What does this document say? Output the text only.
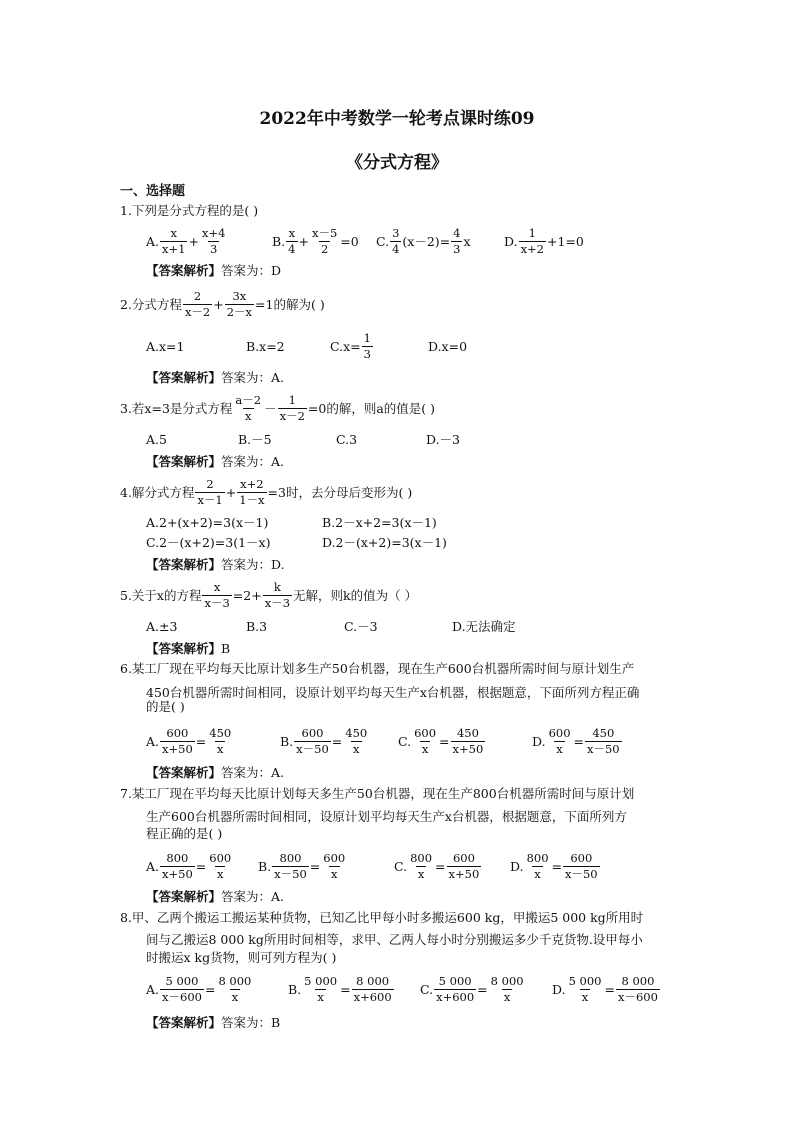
2022年中考数学一轮考点课时练09
《分式方程》
一、选择题
1.下列是分式方程的是( )
A. $\frac{x}{x+1} + \frac{x+4}{3}$	B. $\frac{x}{4} + \frac{x-5}{2} =0$ C. $\frac{3}{4} (x-2)= \frac{4}{3}$ x	D. $\frac{1}{x+2} +1=0$
【答案解析】 答案为：D
2.分式方程 $\frac{2}{x-2} + \frac{3x}{2-x} =1$的解为( )
A.x=1	B.x=2	$C.x= \frac{1}{3}$	D.x=0
【答案解析】 答案为：A.
3.若x=3是分式方程 $\frac{a-2}{x} - \frac{1}{x-2} =0$的解，则a的值是( )
A.5	B.－5	C.3	D.－3
【答案解析】 答案为：A.
4.解分式方程 $\frac{2}{x-1} + \frac{x+2}{1-x} =3$时，去分母后变形为( )
A.2+(x+2)=3(x－1)	B.2－x+2=3(x－1)
C.2－(x+2)=3(1－x)	D.2－(x+2)=3(x－1)
【答案解析】 答案为：D.
5.关于x的方程 $\frac{x}{x-3} =2+ \frac{k}{x-3}$ 无解，则k的值为（ ）
A.±3	B.3	C.－3	D.无法确定
【答案解析】 B
6.某工厂现在平均每天比原计划多生产50台机器，现在生产600台机器所需时间与原计划生产
450台机器所需时间相同，设原计划平均每天生产x台机器，根据题意，下面所列方程正确
的是( )
A. $\frac{600}{x+50} = \frac{450}{x}$	B. $\frac{600}{x-50} = \frac{450}{x} C$. $\frac{600}{x} = \frac{450}{x+50}$	D. $\frac{600}{x} = \frac{450}{x-50}$
【答案解析】 答案为：A.
7.某工厂现在平均每天比原计划每天多生产50台机器，现在生产800台机器所需时间与原计划
生产600台机器所需时间相同，设原计划平均每天生产x台机器，根据题意，下面所列方
程正确的是( )
A. $\frac{800}{x+50} = \frac{600}{x} B$. $\frac{800}{x-50} = \frac{600}{x}$	C. $\frac{800}{x} = \frac{600}{x+50} D$. $\frac{800}{x} = \frac{600}{x-50}$
【答案解析】 答案为：A.
8.甲、乙两个搬运工搬运某种货物，已知乙比甲每小时多搬运600 kg，甲搬运5 000 kg所用时
间与乙搬运8 000 kg所用时间相等，求甲、乙两人每小时分别搬运多少千克货物.设甲每小
时搬运x kg货物，则可列方程为( )
A. $\frac{5 000}{x-600} = \frac{8 000}{x}$	B. $\frac{5 000}{x} = \frac{8 000}{x+600} C$. $\frac{5 000}{x+600} = \frac{8 000}{x} D$. $\frac{5 000}{x} = \frac{8 000}{x-600}$
【答案解析】 答案为：B
